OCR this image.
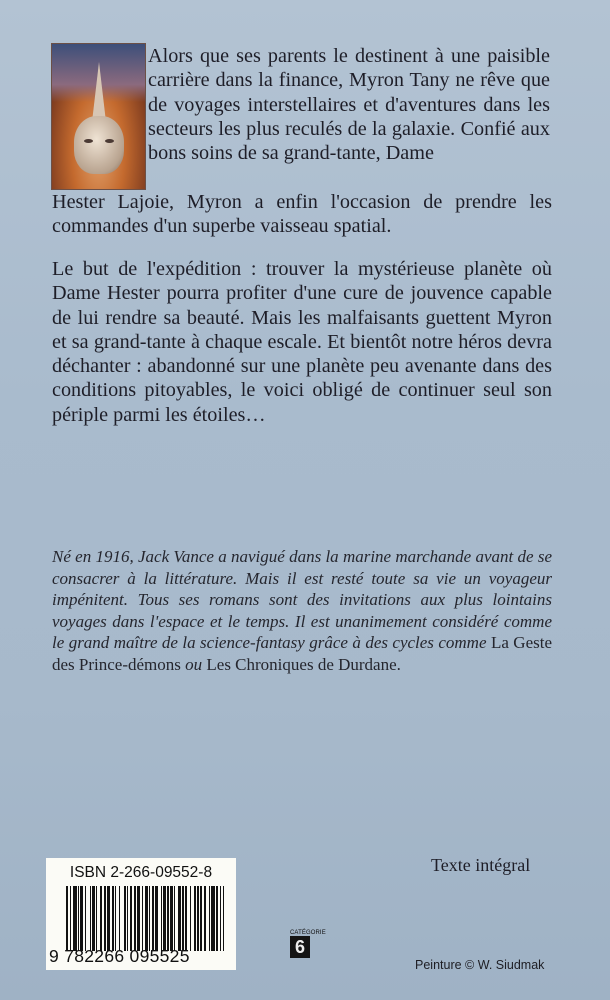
Alors que ses parents le destinent à une paisible carrière dans la finance, Myron Tany ne rêve que de voyages interstellaires et d'aventures dans les secteurs les plus reculés de la galaxie. Confié aux bons soins de sa grand-tante, Dame

Hester Lajoie, Myron a enfin l'occasion de prendre les commandes d'un superbe vaisseau spatial.

Le but de l'expédition : trouver la mystérieuse planète où Dame Hester pourra profiter d'une cure de jouvence capable de lui rendre sa beauté. Mais les malfaisants guettent Myron et sa grand-tante à chaque escale. Et bientôt notre héros devra déchanter : abandonné sur une planète peu avenante dans des conditions pitoyables, le voici obligé de continuer seul son périple parmi les étoiles…

Né en 1916, Jack Vance a navigué dans la marine marchande avant de se consacrer à la littérature. Mais il est resté toute sa vie un voyageur impénitent. Tous ses romans sont des invitations aux plus lointains voyages dans l'espace et le temps. Il est unanimement considéré comme le grand maître de la science-fantasy grâce à des cycles comme La Geste des Prince-démons ou Les Chroniques de Durdane.

Texte intégral
ISBN 2-266-09552-8
9 782266 095525
CATÉGORIE
6
Peinture © W. Siudmak
